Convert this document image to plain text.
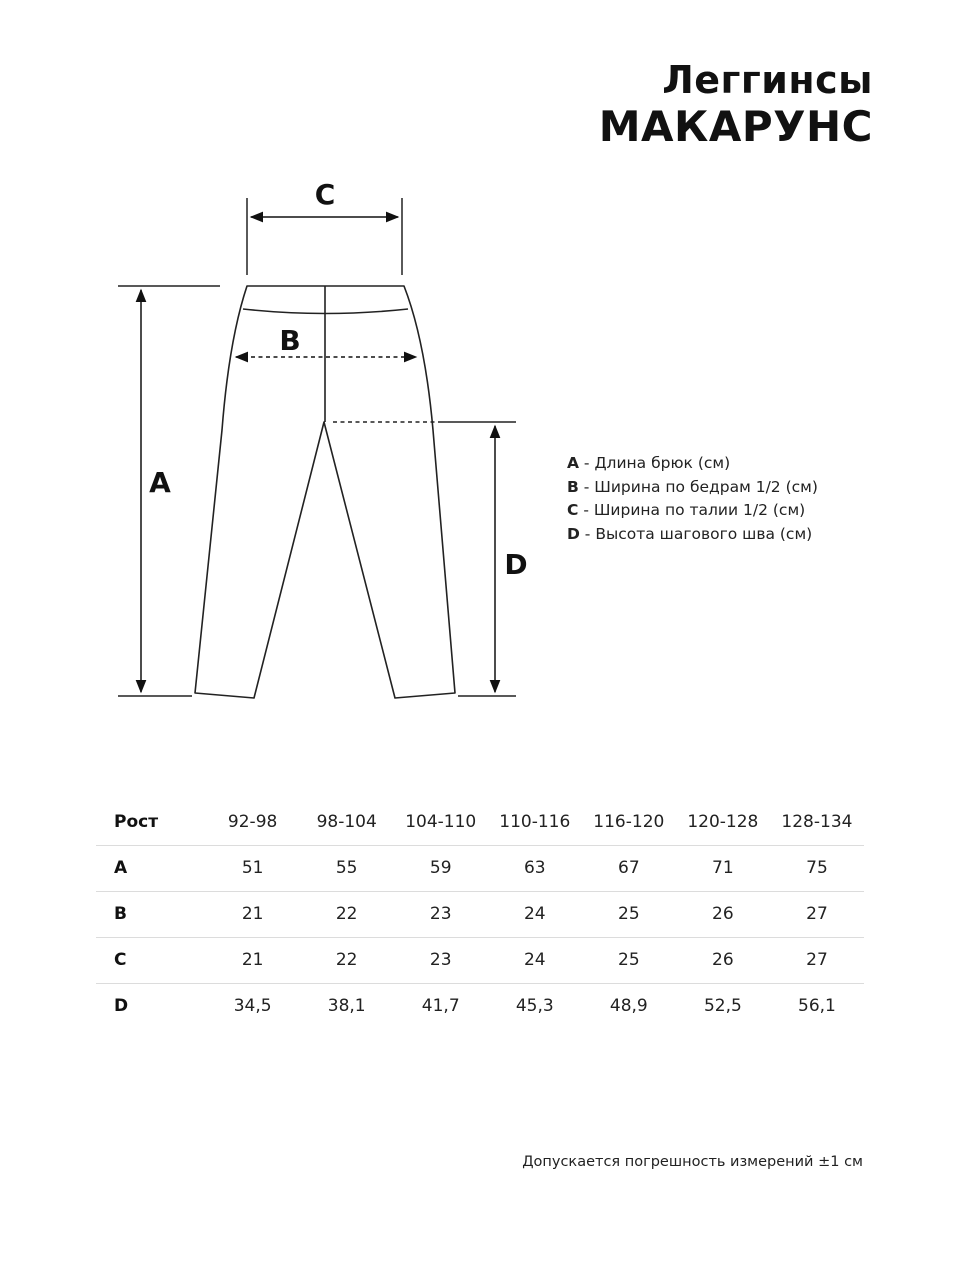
Леггинсы
МАКАРУНС
C
B
A
D
A - Длина брюк (см)
B - Ширина по бедрам 1/2 (см)
C - Ширина по талии 1/2 (см)
D - Высота шагового шва (см)
Рост	92-98	98-104	104-110	110-116	116-120	120-128	128-134
A	51	55	59	63	67	71	75
B	21	22	23	24	25	26	27
C	21	22	23	24	25	26	27
D	34,5	38,1	41,7	45,3	48,9	52,5	56,1
Допускается погрешность измерений ±1 см
